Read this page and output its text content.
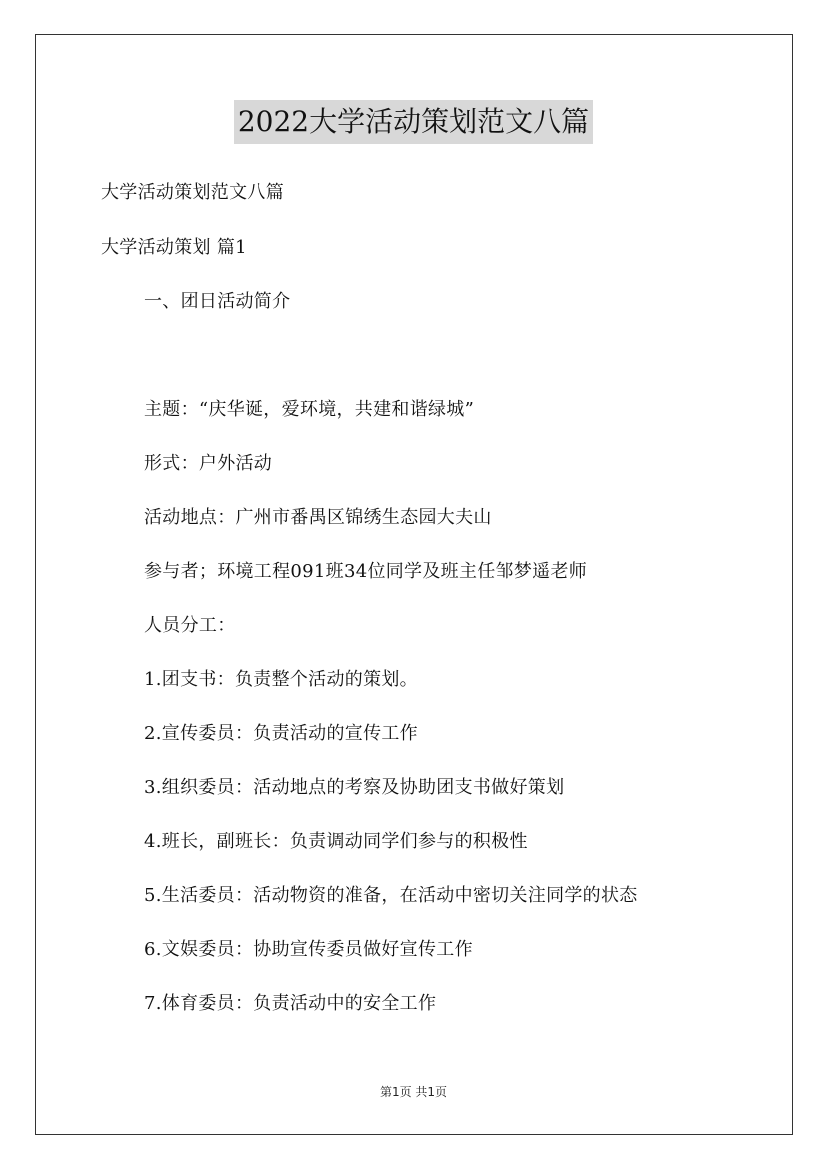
2022大学活动策划范文八篇
大学活动策划范文八篇
大学活动策划 篇1
一、团日活动简介
主题：“庆华诞，爱环境，共建和谐绿城”
形式：户外活动
活动地点：广州市番禺区锦绣生态园大夫山
参与者；环境工程091班34位同学及班主任邹梦遥老师
人员分工：
1.团支书：负责整个活动的策划。
2.宣传委员：负责活动的宣传工作
3.组织委员：活动地点的考察及协助团支书做好策划
4.班长，副班长：负责调动同学们参与的积极性
5.生活委员：活动物资的准备，在活动中密切关注同学的状态
6.文娱委员：协助宣传委员做好宣传工作
7.体育委员：负责活动中的安全工作
第1页 共1页
